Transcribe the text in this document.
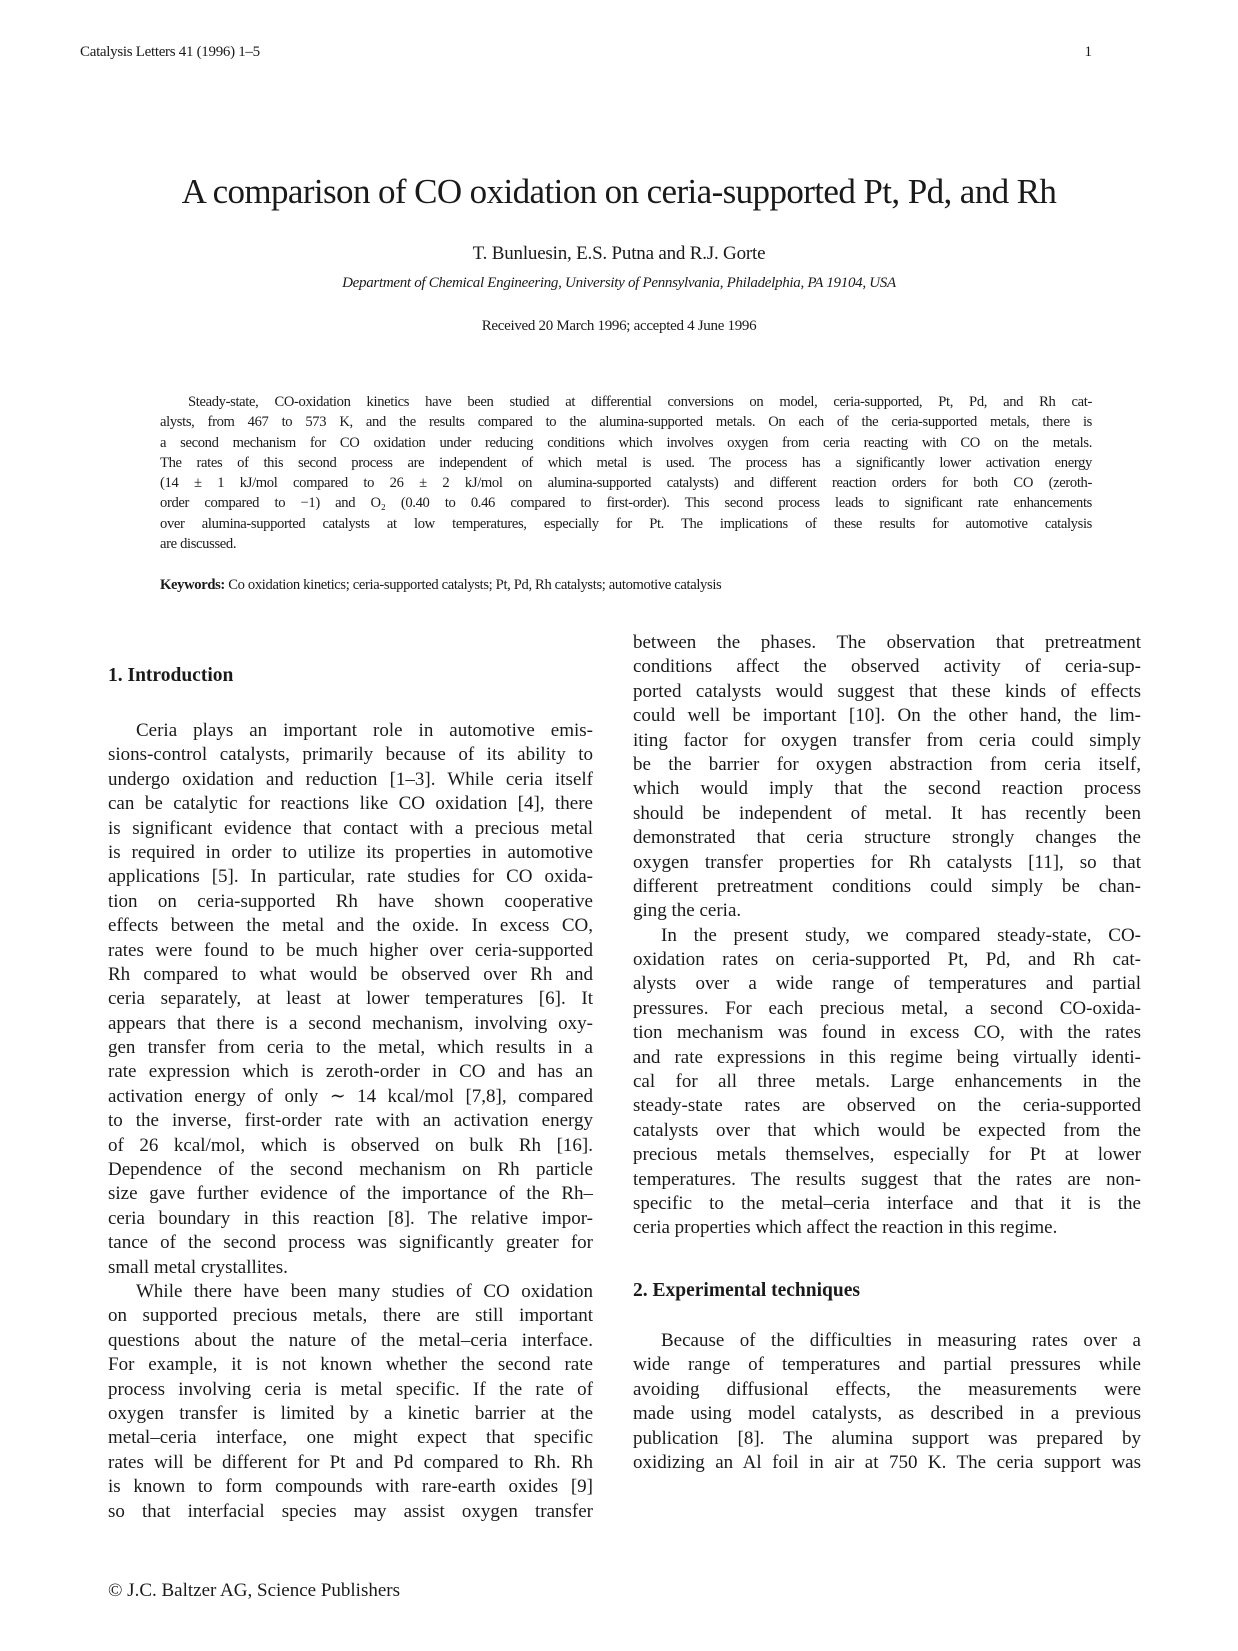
Catalysis Letters 41 (1996) 1–5	1
A comparison of CO oxidation on ceria-supported Pt, Pd, and Rh
T. Bunluesin, E.S. Putna and R.J. Gorte
Department of Chemical Engineering, University of Pennsylvania, Philadelphia, PA 19104, USA
Received 20 March 1996; accepted 4 June 1996
Steady-state, CO-oxidation kinetics have been studied at differential conversions on model, ceria-supported, Pt, Pd, and Rh cat-
alysts, from 467 to 573 K, and the results compared to the alumina-supported metals. On each of the ceria-supported metals, there is
a second mechanism for CO oxidation under reducing conditions which involves oxygen from ceria reacting with CO on the metals.
The rates of this second process are independent of which metal is used. The process has a significantly lower activation energy
(14 ± 1 kJ/mol compared to 26 ± 2 kJ/mol on alumina-supported catalysts) and different reaction orders for both CO (zeroth-
order compared to −1) and O₂ (0.40 to 0.46 compared to first-order). This second process leads to significant rate enhancements
over alumina-supported catalysts at low temperatures, especially for Pt. The implications of these results for automotive catalysis
are discussed.
Keywords: Co oxidation kinetics; ceria-supported catalysts; Pt, Pd, Rh catalysts; automotive catalysis
1. Introduction
Ceria plays an important role in automotive emis-
sions-control catalysts, primarily because of its ability to
undergo oxidation and reduction [1–3]. While ceria itself
can be catalytic for reactions like CO oxidation [4], there
is significant evidence that contact with a precious metal
is required in order to utilize its properties in automotive
applications [5]. In particular, rate studies for CO oxida-
tion on ceria-supported Rh have shown cooperative
effects between the metal and the oxide. In excess CO,
rates were found to be much higher over ceria-supported
Rh compared to what would be observed over Rh and
ceria separately, at least at lower temperatures [6]. It
appears that there is a second mechanism, involving oxy-
gen transfer from ceria to the metal, which results in a
rate expression which is zeroth-order in CO and has an
activation energy of only ∼ 14 kcal/mol [7,8], compared
to the inverse, first-order rate with an activation energy
of 26 kcal/mol, which is observed on bulk Rh [16].
Dependence of the second mechanism on Rh particle
size gave further evidence of the importance of the Rh–
ceria boundary in this reaction [8]. The relative impor-
tance of the second process was significantly greater for
small metal crystallites.
While there have been many studies of CO oxidation
on supported precious metals, there are still important
questions about the nature of the metal–ceria interface.
For example, it is not known whether the second rate
process involving ceria is metal specific. If the rate of
oxygen transfer is limited by a kinetic barrier at the
metal–ceria interface, one might expect that specific
rates will be different for Pt and Pd compared to Rh. Rh
is known to form compounds with rare-earth oxides [9]
so that interfacial species may assist oxygen transfer
between the phases. The observation that pretreatment
conditions affect the observed activity of ceria-sup-
ported catalysts would suggest that these kinds of effects
could well be important [10]. On the other hand, the lim-
iting factor for oxygen transfer from ceria could simply
be the barrier for oxygen abstraction from ceria itself,
which would imply that the second reaction process
should be independent of metal. It has recently been
demonstrated that ceria structure strongly changes the
oxygen transfer properties for Rh catalysts [11], so that
different pretreatment conditions could simply be chan-
ging the ceria.
In the present study, we compared steady-state, CO-
oxidation rates on ceria-supported Pt, Pd, and Rh cat-
alysts over a wide range of temperatures and partial
pressures. For each precious metal, a second CO-oxida-
tion mechanism was found in excess CO, with the rates
and rate expressions in this regime being virtually identi-
cal for all three metals. Large enhancements in the
steady-state rates are observed on the ceria-supported
catalysts over that which would be expected from the
precious metals themselves, especially for Pt at lower
temperatures. The results suggest that the rates are non-
specific to the metal–ceria interface and that it is the
ceria properties which affect the reaction in this regime.
2. Experimental techniques
Because of the difficulties in measuring rates over a
wide range of temperatures and partial pressures while
avoiding diffusional effects, the measurements were
made using model catalysts, as described in a previous
publication [8]. The alumina support was prepared by
oxidizing an Al foil in air at 750 K. The ceria support was
© J.C. Baltzer AG, Science Publishers
